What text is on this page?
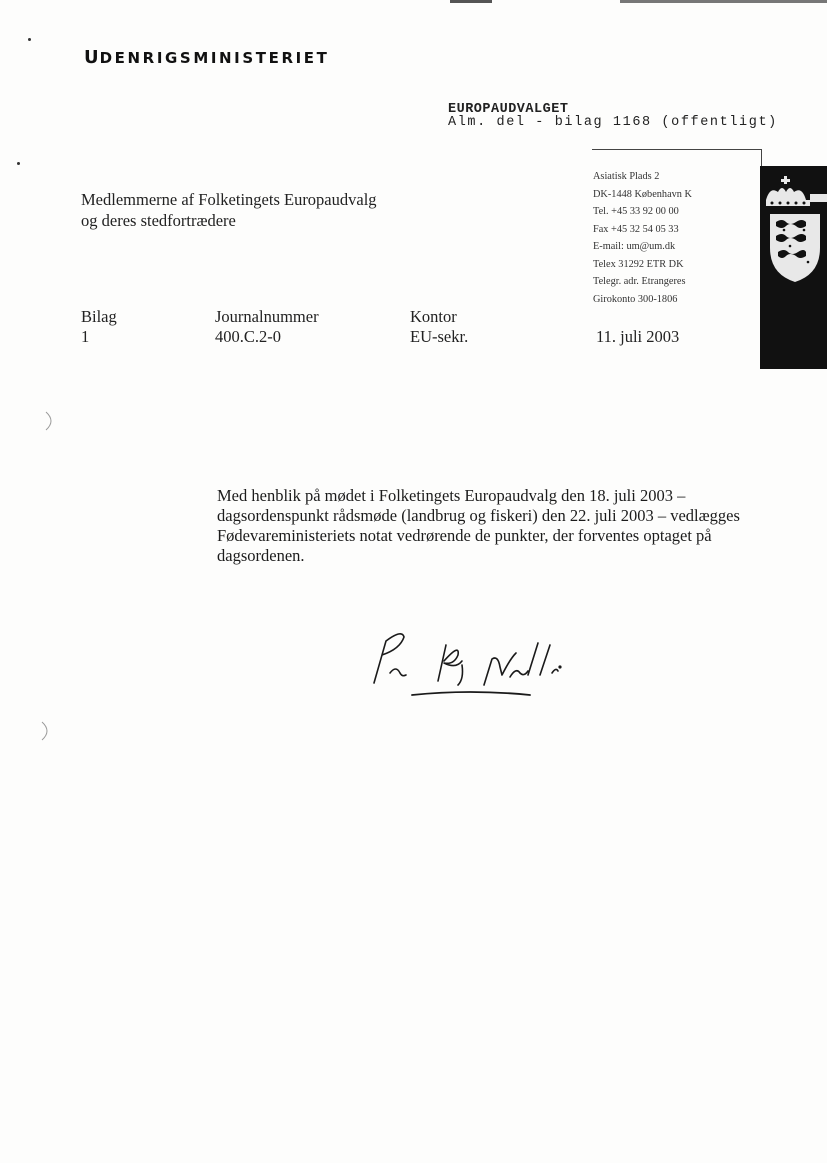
UDENRIGSMINISTERIET
EUROPAUDVALGET
Alm. del - bilag 1168 (offentligt)
Medlemmerne af Folketingets Europaudvalg
og deres stedfortrædere
Asiatisk Plads 2
DK-1448 København K
Tel. +45 33 92 00 00
Fax +45 32 54 05 33
E-mail: um@um.dk
Telex 31292 ETR DK
Telegr. adr. Etrangeres
Girokonto 300-1806
Bilag
1
Journalnummer
400.C.2-0
Kontor
EU-sekr.	11. juli 2003
Med henblik på mødet i Folketingets Europaudvalg den 18. juli 2003 – dagsordenspunkt rådsmøde (landbrug og fiskeri) den 22. juli 2003 – vedlægges Fødevareministeriets notat vedrørende de punkter, der forventes optaget på dagsordenen.
